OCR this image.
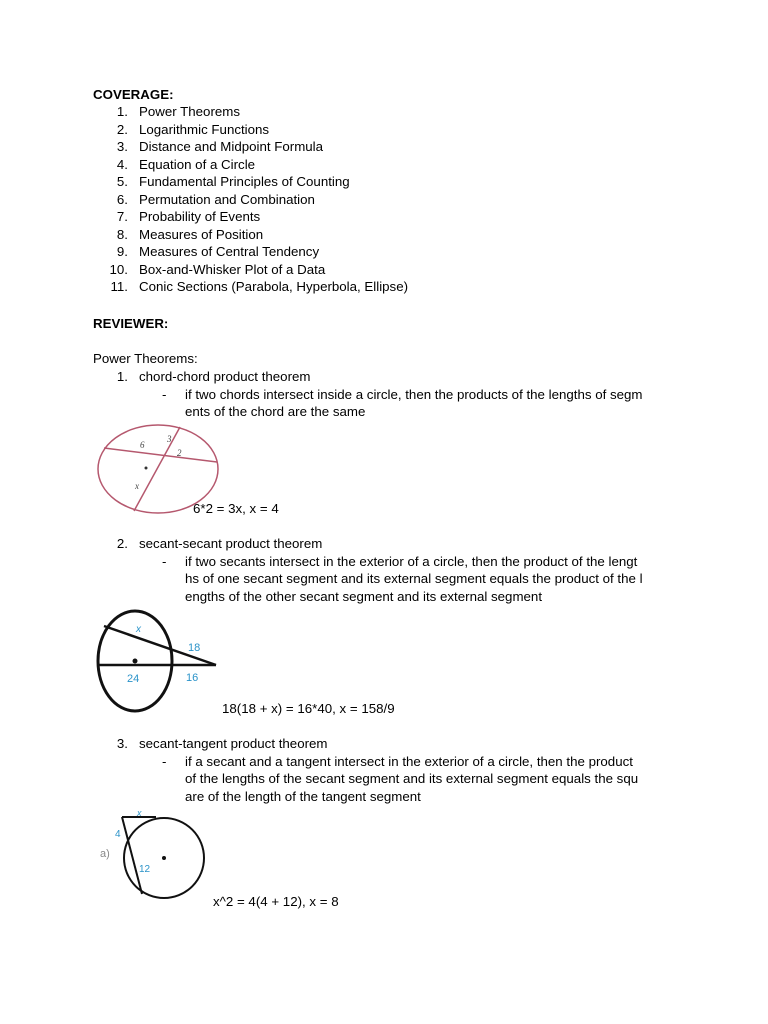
COVERAGE:
1. Power Theorems
2. Logarithmic Functions
3. Distance and Midpoint Formula
4. Equation of a Circle
5. Fundamental Principles of Counting
6. Permutation and Combination
7. Probability of Events
8. Measures of Position
9. Measures of Central Tendency
10. Box-and-Whisker Plot of a Data
11. Conic Sections (Parabola, Hyperbola, Ellipse)
REVIEWER:
Power Theorems:
1. chord-chord product theorem
- if two chords intersect inside a circle, then the products of the lengths of segm
ents of the chord are the same
6
3
2
x
6*2 = 3x, x = 4
2. secant-secant product theorem
- if two secants intersect in the exterior of a circle, then the product of the lengt
hs of one secant segment and its external segment equals the product of the l
engths of the other secant segment and its external segment
x
18
24	16
18(18 + x) = 16*40, x = 158/9
3. secant-tangent product theorem
- if a secant and a tangent intersect in the exterior of a circle, then the product
of the lengths of the secant segment and its external segment equals the squ
are of the length of the tangent segment
x
4
12
a)
x^2 = 4(4 + 12), x = 8
